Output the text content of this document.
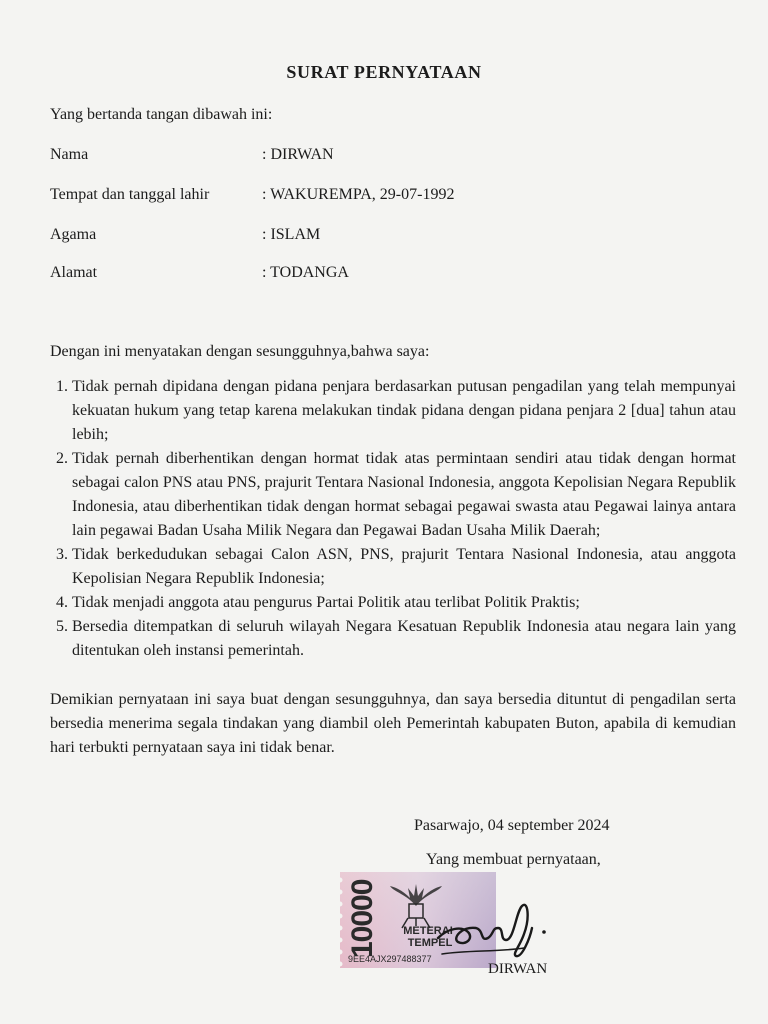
SURAT PERNYATAAN
Yang bertanda tangan dibawah ini:
Nama	: DIRWAN
Tempat dan tanggal lahir	: WAKUREMPA, 29-07-1992
Agama	: ISLAM
Alamat	: TODANGA
Dengan ini menyatakan dengan sesungguhnya,bahwa saya:
1. Tidak pernah dipidana dengan pidana penjara berdasarkan putusan pengadilan yang telah mempunyai kekuatan hukum yang tetap karena melakukan tindak pidana dengan pidana penjara 2 [dua] tahun atau lebih;
2. Tidak pernah diberhentikan dengan hormat tidak atas permintaan sendiri atau tidak dengan hormat sebagai calon PNS atau PNS, prajurit Tentara Nasional Indonesia, anggota Kepolisian Negara Republik Indonesia, atau diberhentikan tidak dengan hormat sebagai pegawai swasta atau Pegawai lainya antara lain pegawai Badan Usaha Milik Negara dan Pegawai Badan Usaha Milik Daerah;
3. Tidak berkedudukan sebagai Calon ASN, PNS, prajurit Tentara Nasional Indonesia, atau anggota Kepolisian Negara Republik Indonesia;
4. Tidak menjadi anggota atau pengurus Partai Politik atau terlibat Politik Praktis;
5. Bersedia ditempatkan di seluruh wilayah Negara Kesatuan Republik Indonesia atau negara lain yang ditentukan oleh instansi pemerintah.
Demikian pernyataan ini saya buat dengan sesungguhnya, dan saya bersedia dituntut di pengadilan serta bersedia menerima segala tindakan yang diambil oleh Pemerintah kabupaten Buton, apabila di kemudian hari terbukti pernyataan saya ini tidak benar.
Pasarwajo, 04 september 2024
Yang membuat pernyataan,
10000 METERAI
TEMPEL
9EE4AJX297488377
DIRWAN
